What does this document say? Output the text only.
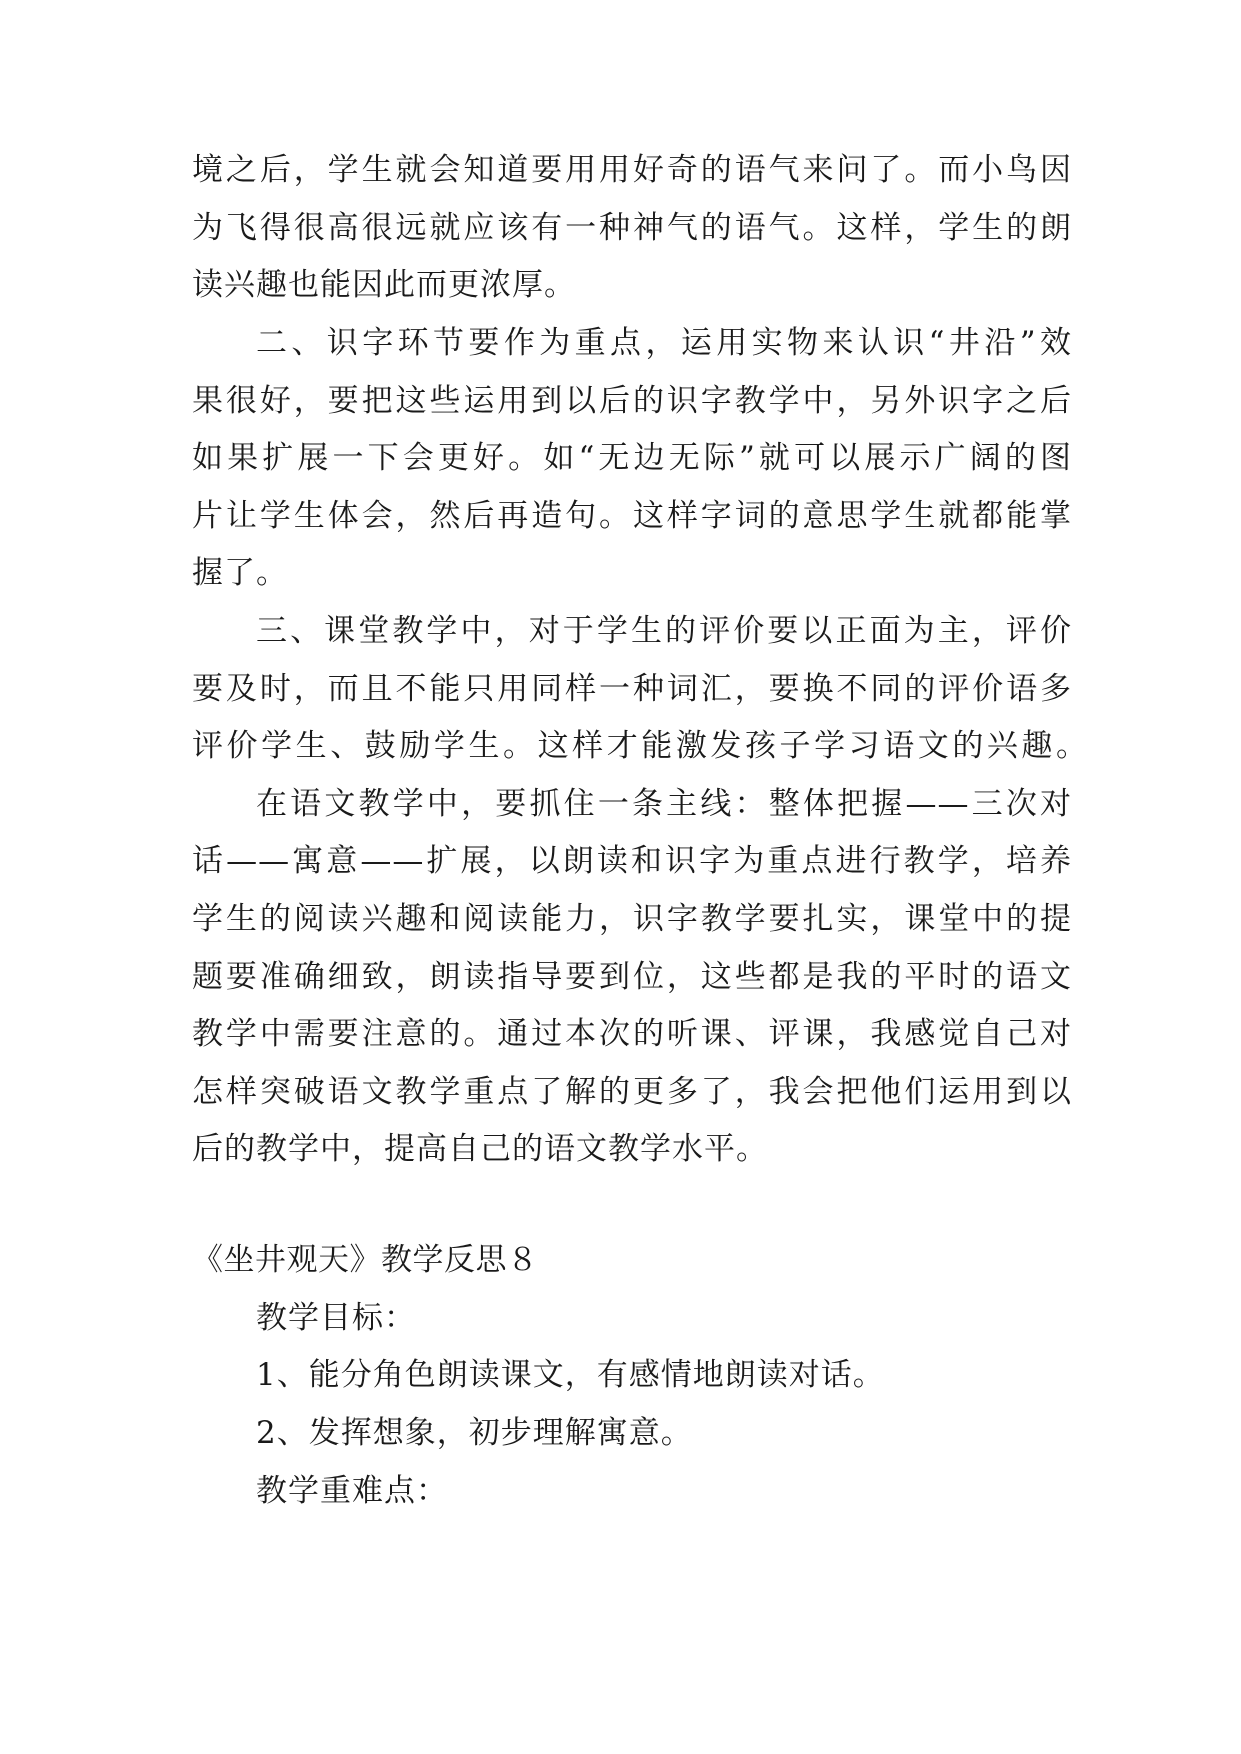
境之后，学生就会知道要用用好奇的语气来问了。而小鸟因
为飞得很高很远就应该有一种神气的语气。这样，学生的朗
读兴趣也能因此而更浓厚。
二、识字环节要作为重点，运用实物来认识“井沿”效
果很好，要把这些运用到以后的识字教学中，另外识字之后
如果扩展一下会更好。如“无边无际”就可以展示广阔的图
片让学生体会，然后再造句。这样字词的意思学生就都能掌
握了。
三、课堂教学中，对于学生的评价要以正面为主，评价
要及时，而且不能只用同样一种词汇，要换不同的评价语多
评价学生、鼓励学生。这样才能激发孩子学习语文的兴趣。
在语文教学中，要抓住一条主线：整体把握——三次对
话——寓意——扩展，以朗读和识字为重点进行教学，培养
学生的阅读兴趣和阅读能力，识字教学要扎实，课堂中的提
题要准确细致，朗读指导要到位，这些都是我的平时的语文
教学中需要注意的。通过本次的听课、评课，我感觉自己对
怎样突破语文教学重点了解的更多了，我会把他们运用到以
后的教学中，提高自己的语文教学水平。
《坐井观天》教学反思８
教学目标：
1、能分角色朗读课文，有感情地朗读对话。
2、发挥想象，初步理解寓意。
教学重难点：
